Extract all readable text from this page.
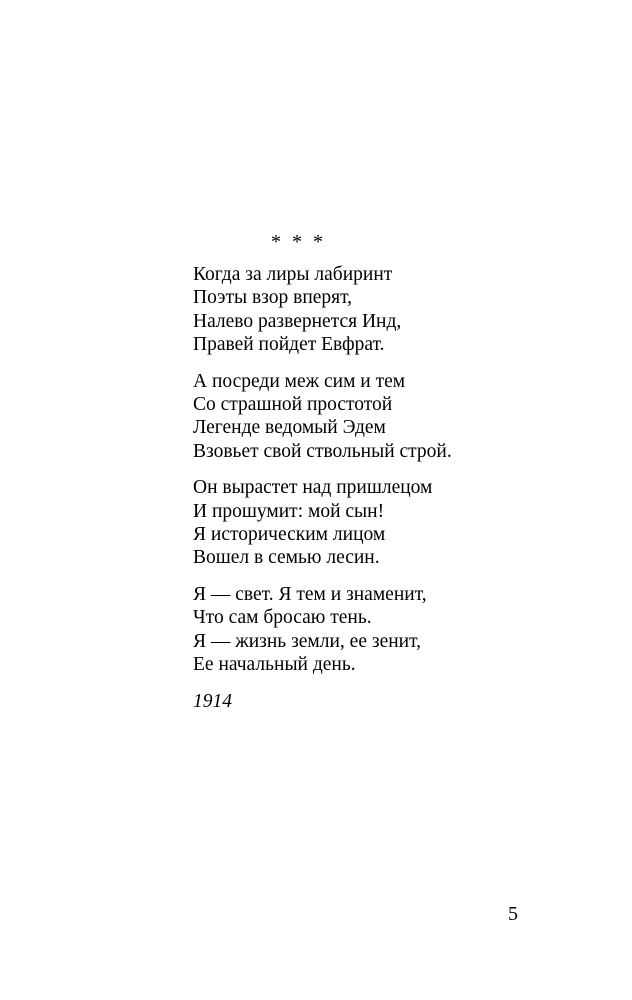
* * *
Когда за лиры лабиринт
Поэты взор вперят,
Налево развернется Инд,
Правей пойдет Евфрат.
А посреди меж сим и тем
Со страшной простотой
Легенде ведомый Эдем
Взовьет свой ствольный строй.
Он вырастет над пришлецом
И прошумит: мой сын!
Я историческим лицом
Вошел в семью лесин.
Я — свет. Я тем и знаменит,
Что сам бросаю тень.
Я — жизнь земли, ее зенит,
Ее начальный день.
1914
5
